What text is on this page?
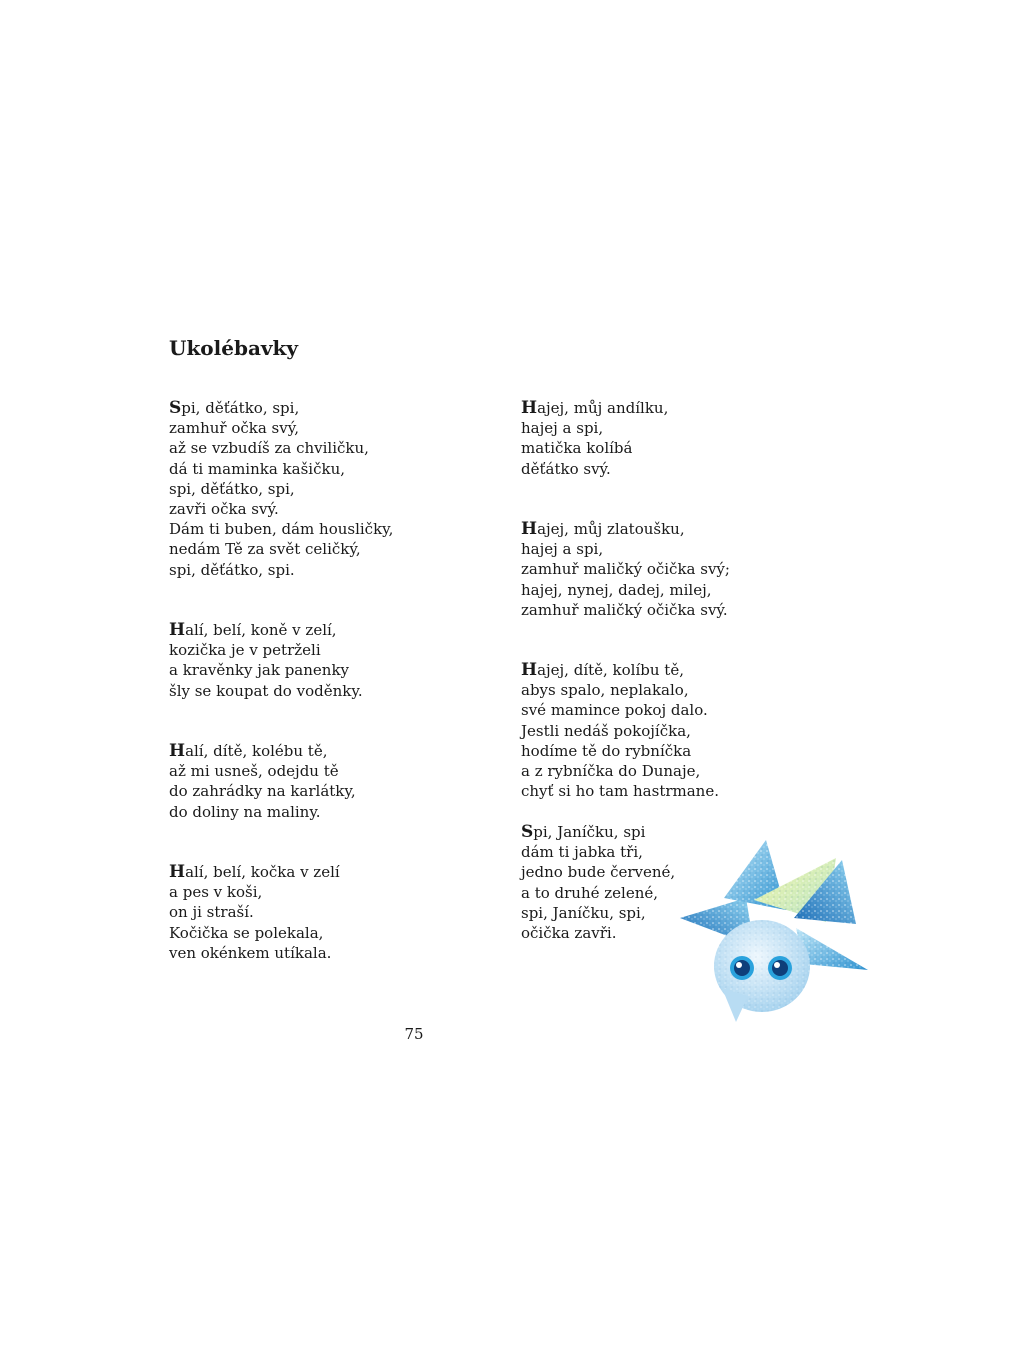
Ukolébavky

Spi, děťátko, spi,
zamhuř očka svý,
až se vzbudíš za chviličku,
dá ti maminka kašičku,
spi, děťátko, spi,
zavři očka svý.
Dám ti buben, dám housličky,
nedám Tě za svět celičký,
spi, děťátko, spi.

Halí, belí, koně v zelí,
kozička je v petrželi
a kravěnky jak panenky
šly se koupat do voděnky.

Halí, dítě, kolébu tě,
až mi usneš, odejdu tě
do zahrádky na karlátky,
do doliny na maliny.

Halí, belí, kočka v zelí
a pes v koši,
on ji straší.
Kočička se polekala,
ven okénkem utíkala.

Hajej, můj andílku,
hajej a spi,
matička kolíbá
děťátko svý.

Hajej, můj zlatoušku,
hajej a spi,
zamhuř maličký očička svý;
hajej, nynej, dadej, milej,
zamhuř maličký očička svý.

Hajej, dítě, kolíbu tě,
abys spalo, neplakalo,
své mamince pokoj dalo.
Jestli nedáš pokojíčka,
hodíme tě do rybníčka
a z rybníčka do Dunaje,
chyť si ho tam hastrmane.

Spi, Janíčku, spi
dám ti jabka tři,
jedno bude červené,
a to druhé zelené,
spi, Janíčku, spi,
očička zavři.

75
